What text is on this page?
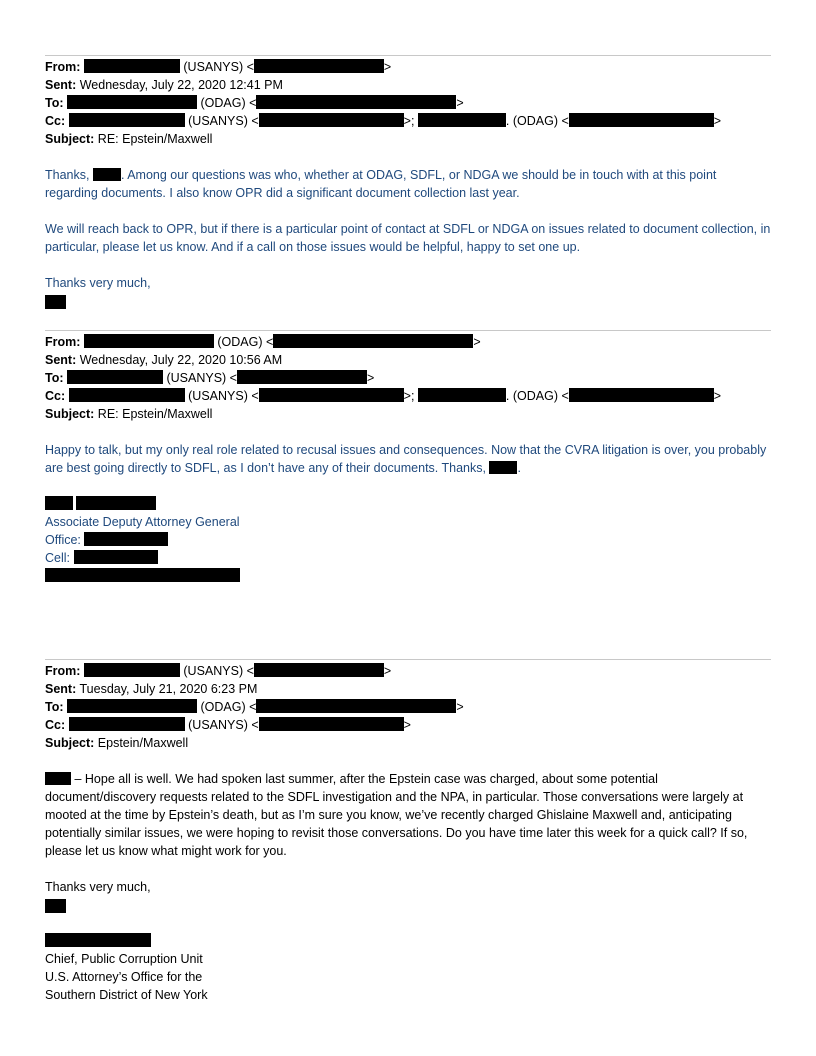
From:	(USANYS) <	>
Sent: Wednesday, July 22, 2020 12:41 PM
To:	(ODAG) <	>
Cc:	(USANYS) <	>;	. (ODAG) <	>
Subject: RE: Epstein/Maxwell
Thanks,	. Among our questions was who, whether at ODAG, SDFL, or NDGA we should be in touch with at this point regarding documents. I also know OPR did a significant document collection last year.
We will reach back to OPR, but if there is a particular point of contact at SDFL or NDGA on issues related to document collection, in particular, please let us know. And if a call on those issues would be helpful, happy to set one up.
Thanks very much,
From:	(ODAG) <	>
Sent: Wednesday, July 22, 2020 10:56 AM
To:	(USANYS) <	>
Cc:	(USANYS) <	>;	. (ODAG) <	>
Subject: RE: Epstein/Maxwell
Happy to talk, but my only real role related to recusal issues and consequences. Now that the CVRA litigation is over, you probably are best going directly to SDFL, as I don’t have any of their documents. Thanks,	.

Associate Deputy Attorney General
Office:
Cell:
From:	(USANYS) <	>
Sent: Tuesday, July 21, 2020 6:23 PM
To:	(ODAG) <	>
Cc:	(USANYS) <	>
Subject: Epstein/Maxwell
– Hope all is well. We had spoken last summer, after the Epstein case was charged, about some potential document/discovery requests related to the SDFL investigation and the NPA, in particular. Those conversations were largely at mooted at the time by Epstein’s death, but as I’m sure you know, we’ve recently charged Ghislaine Maxwell and, anticipating potentially similar issues, we were hoping to revisit those conversations. Do you have time later this week for a quick call? If so, please let us know what might work for you.
Thanks very much,
Chief, Public Corruption Unit
U.S. Attorney’s Office for the
Southern District of New York
